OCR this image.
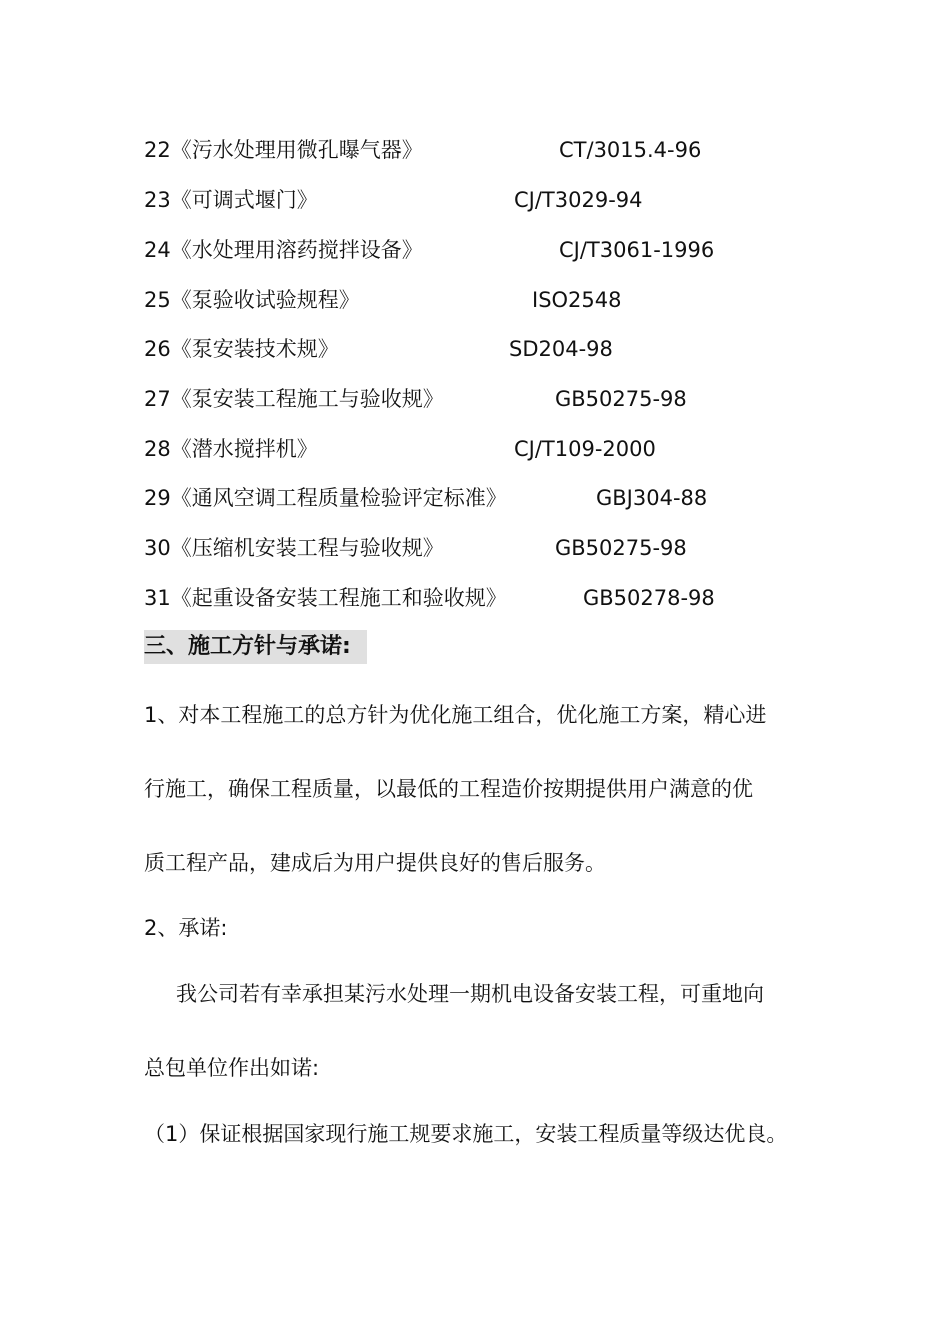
22《污水处理用微孔曝气器》	CT/3015.4-96
23《可调式堰门》	CJ/T3029-94
24《水处理用溶药搅拌设备》	CJ/T3061-1996
25《泵验收试验规程》	ISO2548
26《泵安装技术规》	SD204-98
27《泵安装工程施工与验收规》	GB50275-98
28《潜水搅拌机》	CJ/T109-2000
29《通风空调工程质量检验评定标准》	GBJ304-88
30《压缩机安装工程与验收规》	GB50275-98
31《起重设备安装工程施工和验收规》	GB50278-98
三、施工方针与承诺:
1、对本工程施工的总方针为优化施工组合，优化施工方案，精心进
行施工，确保工程质量，以最低的工程造价按期提供用户满意的优
质工程产品，建成后为用户提供良好的售后服务。
2、承诺:
我公司若有幸承担某污水处理一期机电设备安装工程，可重地向
总包单位作出如诺:
（1）保证根据国家现行施工规要求施工，安装工程质量等级达优良。
